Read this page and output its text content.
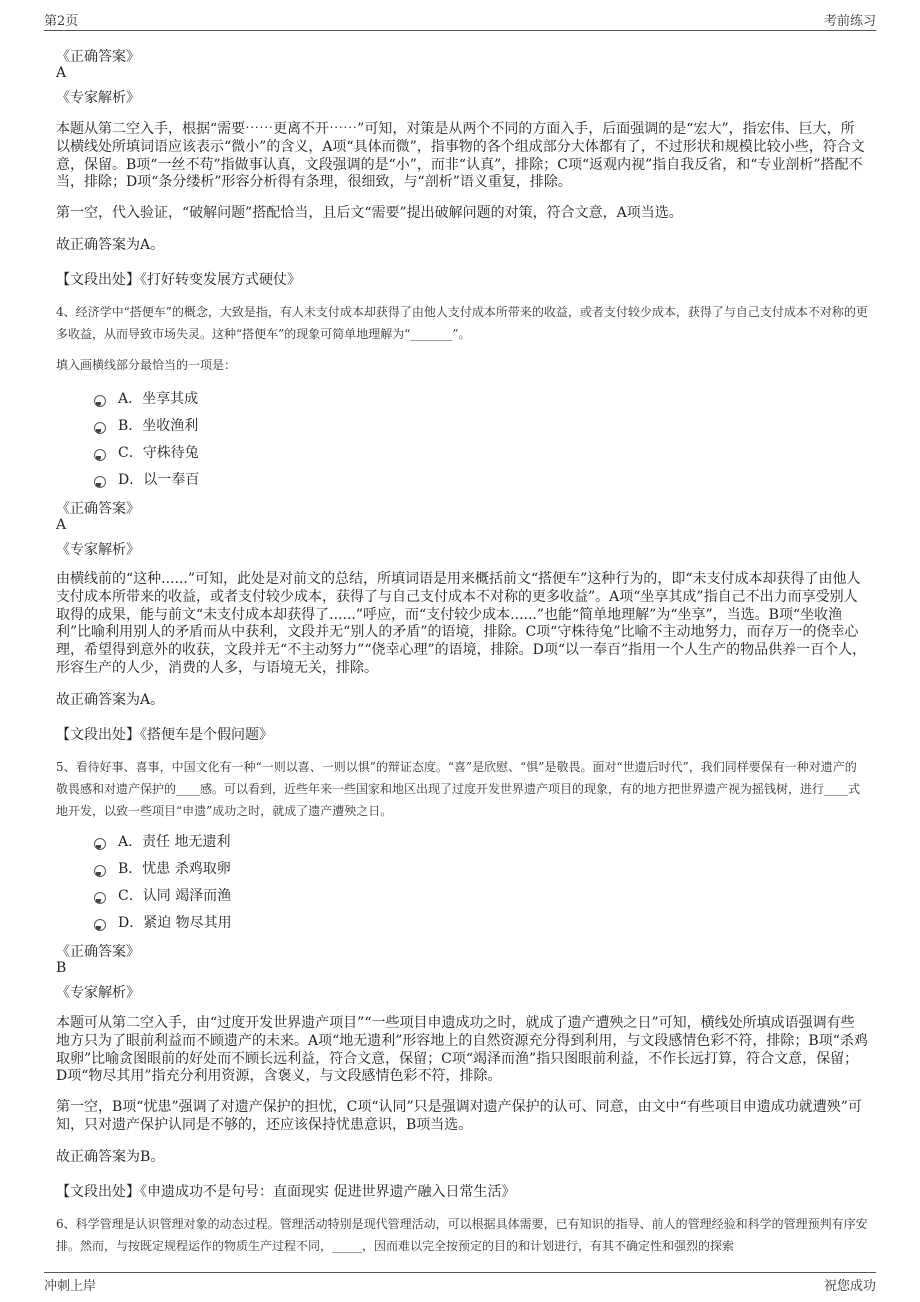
第2页	考前练习

《正确答案》

A

《专家解析》

本题从第二空入手，根据“需要⋯⋯更离不开⋯⋯”可知，对策是从两个不同的方面入手，后面强调的是“宏大”，指宏伟、巨大，所以横线处所填词语应该表示“微小”的含义，A项“具体而微”，指事物的各个组成部分大体都有了，不过形状和规模比较小些，符合文意，保留。B项“一丝不苟”指做事认真，文段强调的是“小”，而非“认真”，排除；C项“返观内视”指自我反省，和“专业剖析”搭配不当，排除；D项“条分缕析”形容分析得有条理，很细致，与“剖析”语义重复，排除。

第一空，代入验证，“破解问题”搭配恰当，且后文“需要”提出破解问题的对策，符合文意，A项当选。

故正确答案为A。

【文段出处】《打好转变发展方式硬仗》

4、经济学中“搭便车”的概念，大致是指，有人未支付成本却获得了由他人支付成本所带来的收益，或者支付较少成本，获得了与自己支付成本不对称的更多收益，从而导致市场失灵。这种“搭便车”的现象可简单地理解为“_______”。

填入画横线部分最恰当的一项是：

A．坐享其成
B．坐收渔利
C．守株待兔
D．以一奉百

《正确答案》

A

《专家解析》

由横线前的“这种......”可知，此处是对前文的总结，所填词语是用来概括前文“搭便车”这种行为的，即“未支付成本却获得了由他人支付成本所带来的收益，或者支付较少成本，获得了与自己支付成本不对称的更多收益”。A项“坐享其成”指自己不出力而享受别人取得的成果，能与前文“未支付成本却获得了......”呼应，而“支付较少成本......”也能“简单地理解”为“坐享”，当选。B项“坐收渔利”比喻利用别人的矛盾而从中获利，文段并无“别人的矛盾”的语境，排除。C项“守株待兔”比喻不主动地努力，而存万一的侥幸心理，希望得到意外的收获，文段并无“不主动努力”“侥幸心理”的语境，排除。D项“以一奉百”指用一个人生产的物品供养一百个人，形容生产的人少，消费的人多，与语境无关，排除。

故正确答案为A。

【文段出处】《搭便车是个假问题》

5、看待好事、喜事，中国文化有一种“一则以喜、一则以惧”的辩证态度。“喜”是欣慰、“惧”是敬畏。面对“世遗后时代”，我们同样要保有一种对遗产的敬畏感和对遗产保护的____感。可以看到，近些年来一些国家和地区出现了过度开发世界遗产项目的现象，有的地方把世界遗产视为摇钱树，进行____式地开发，以致一些项目“申遗”成功之时，就成了遗产遭殃之日。

A．责任 地无遗利
B．忧患 杀鸡取卵
C．认同 竭泽而渔
D．紧迫 物尽其用

《正确答案》

B

《专家解析》

本题可从第二空入手，由“过度开发世界遗产项目”“一些项目申遗成功之时，就成了遗产遭殃之日”可知，横线处所填成语强调有些地方只为了眼前利益而不顾遗产的未来。A项“地无遗利”形容地上的自然资源充分得到利用，与文段感情色彩不符，排除；B项“杀鸡取卵”比喻贪图眼前的好处而不顾长远利益，符合文意，保留；C项“竭泽而渔”指只图眼前利益，不作长远打算，符合文意，保留；D项“物尽其用”指充分利用资源，含褒义，与文段感情色彩不符，排除。

第一空，B项“忧患”强调了对遗产保护的担忧，C项“认同”只是强调对遗产保护的认可、同意，由文中“有些项目申遗成功就遭殃”可知，只对遗产保护认同是不够的，还应该保持忧患意识，B项当选。

故正确答案为B。

【文段出处】《申遗成功不是句号：直面现实 促进世界遗产融入日常生活》

6、科学管理是认识管理对象的动态过程。管理活动特别是现代管理活动，可以根据具体需要，已有知识的指导、前人的管理经验和科学的管理预判有序安排。然而，与按既定规程运作的物质生产过程不同，_____，因而难以完全按预定的目的和计划进行，有其不确定性和强烈的探索

冲刺上岸	祝您成功
